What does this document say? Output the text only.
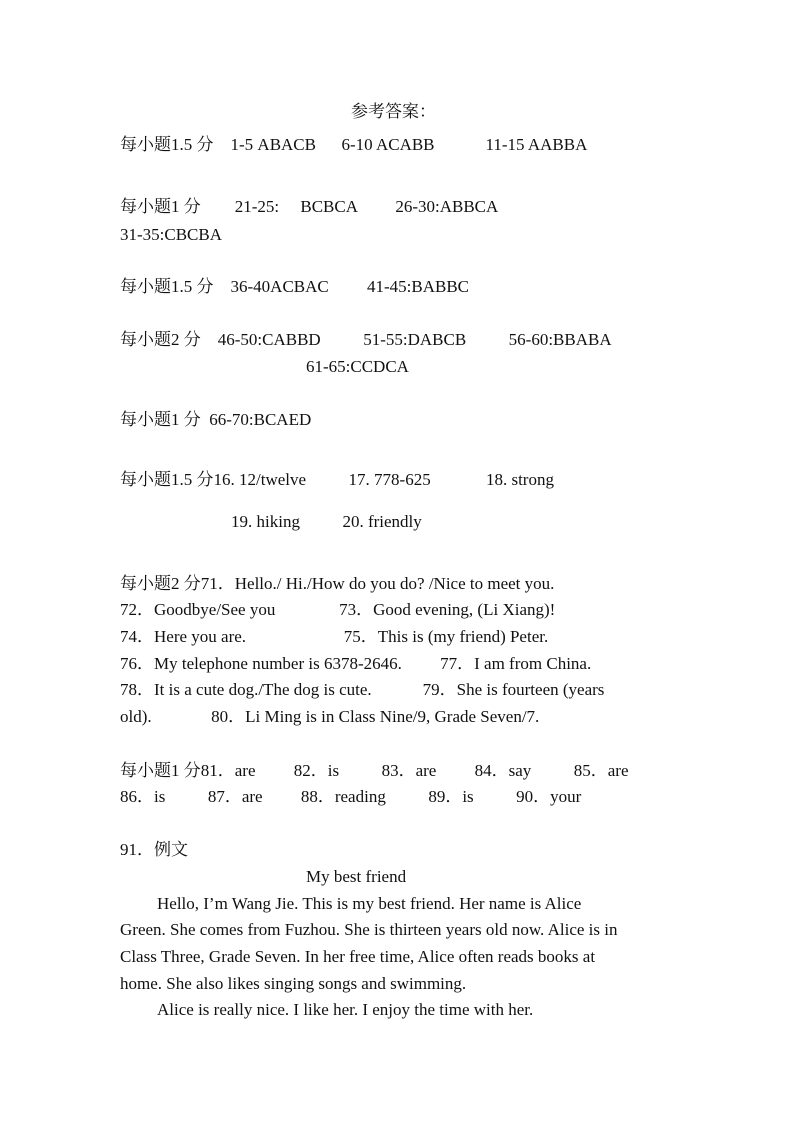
参考答案：
每小题1.5 分    1-5 ABACB      6-10 ACABB            11-15 AABBA
每小题1 分        21-25:     BCBCA         26-30:ABBCA
31-35:CBCBA
每小题1.5 分    36-40ACBAC         41-45:BABBC
每小题2 分    46-50:CABBD          51-55:DABCB          56-60:BBABA
61-65:CCDCA
每小题1 分  66-70:BCAED
每小题1.5 分16. 12/twelve          17. 778-625             18. strong
19. hiking          20. friendly
每小题2 分71．Hello./ Hi./How do you do? /Nice to meet you.
72．Goodbye/See you               73．Good evening, (Li Xiang)!
74．Here you are.                       75．This is (my friend) Peter.
76．My telephone number is 6378-2646.         77．I am from China.
78．It is a cute dog./The dog is cute.            79．She is fourteen (years
old).              80．Li Ming is in Class Nine/9, Grade Seven/7.
每小题1 分81．are         82．is          83．are         84．say          85．are
86．is          87．are         88．reading          89．is          90．your
91．例文
My best friend
Hello, I’m Wang Jie. This is my best friend. Her name is Alice
Green. She comes from Fuzhou. She is thirteen years old now. Alice is in
Class Three, Grade Seven. In her free time, Alice often reads books at
home. She also likes singing songs and swimming.
Alice is really nice. I like her. I enjoy the time with her.
